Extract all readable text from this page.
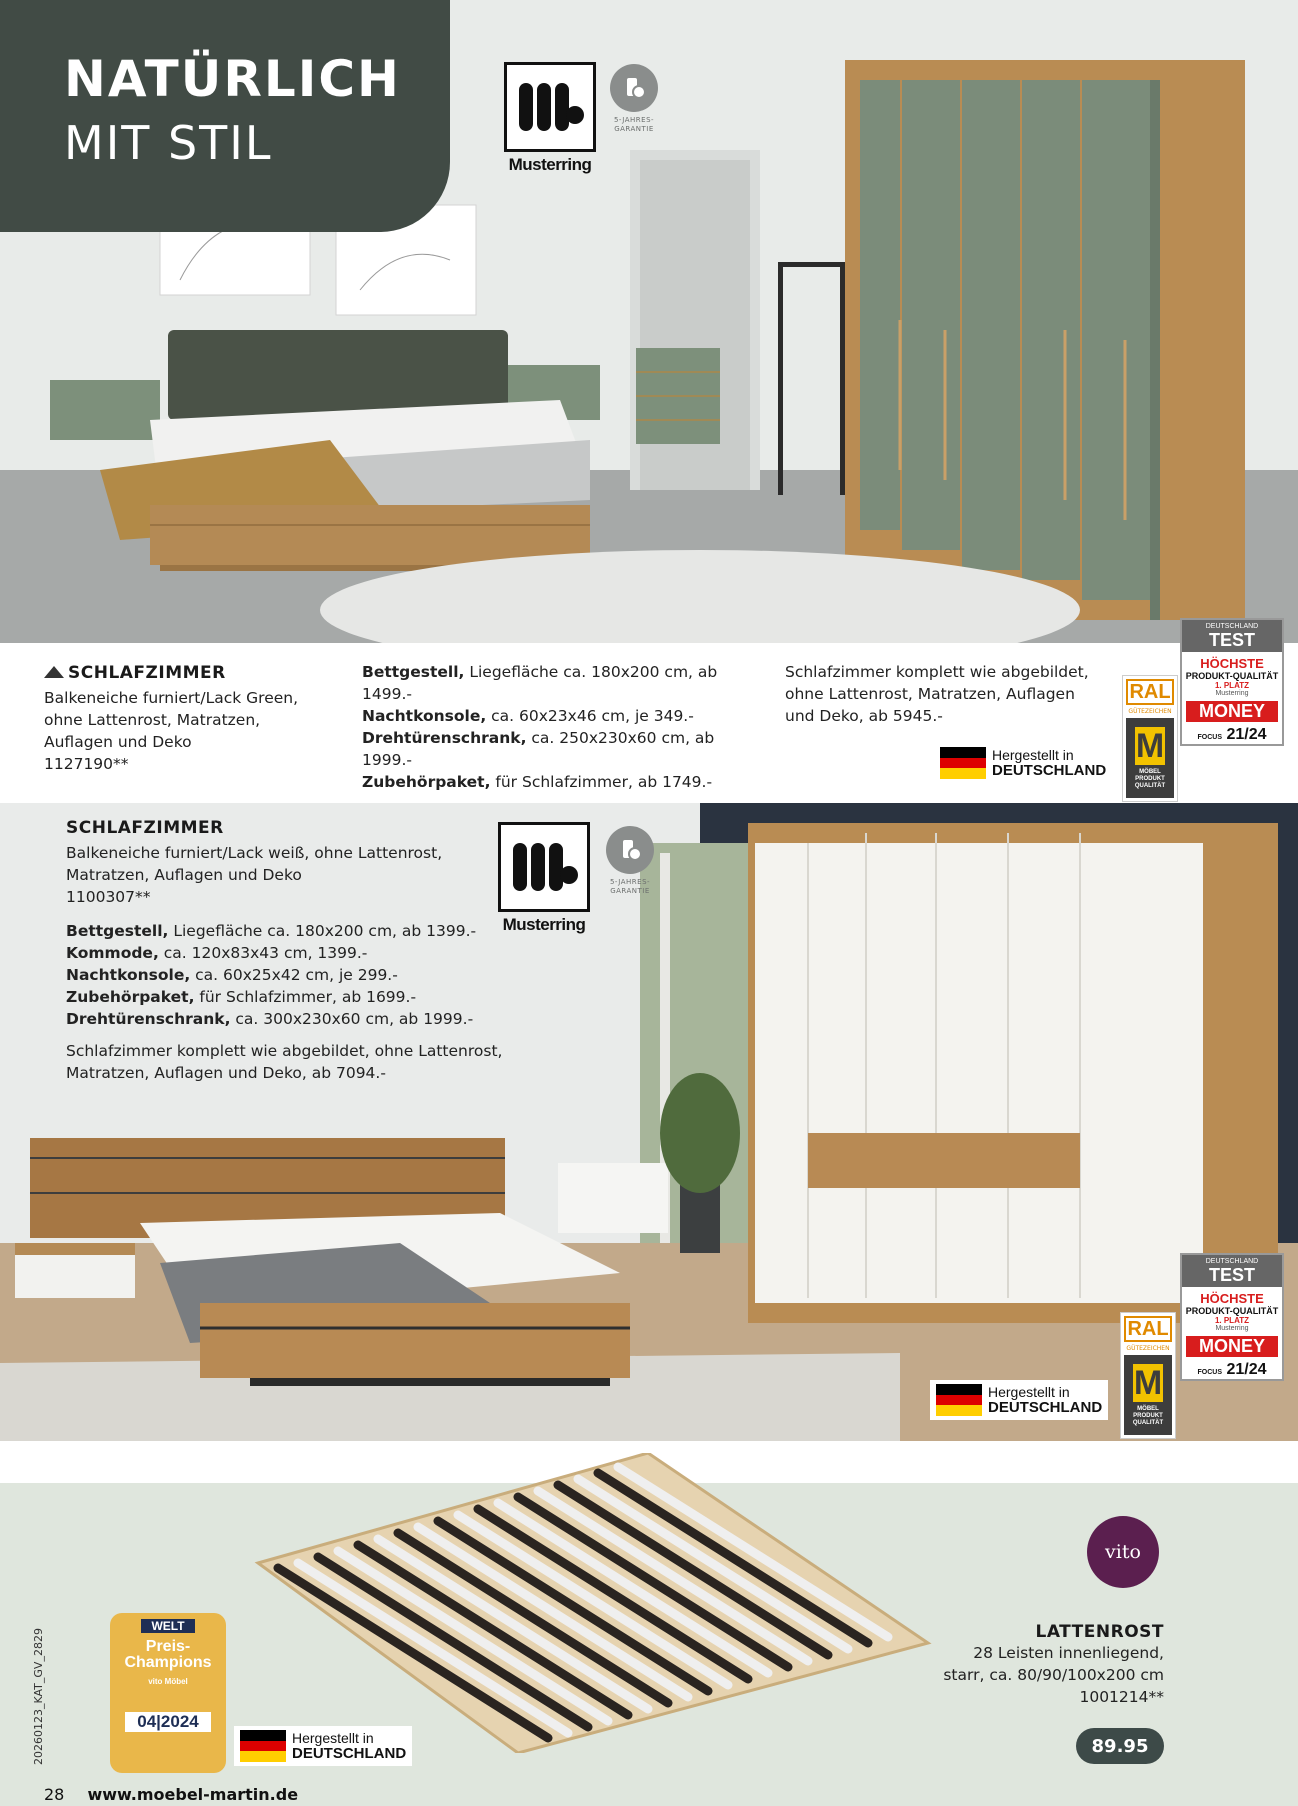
NATÜRLICH
MIT STIL	Musterring
5-JAHRES-GARANTIE
SCHLAFZIMMER
Balkeneiche furniert/Lack Green,
ohne Lattenrost, Matratzen,
Auflagen und Deko
1127190**
Bettgestell, Liegefläche ca. 180x200 cm, ab 1499.-
Nachtkonsole, ca. 60x23x46 cm, je 349.-
Drehtürenschrank, ca. 250x230x60 cm, ab 1999.-
Zubehörpaket, für Schlafzimmer, ab 1749.-
Schlafzimmer komplett wie abgebildet,
ohne Lattenrost, Matratzen, Auflagen
und Deko, ab 5945.-
Hergestellt in
DEUTSCHLAND
RAL
GÜTEZEICHEN
M
MÖBEL PRODUKT QUALITÄT
DEUTSCHLAND
TEST
HÖCHSTE
PRODUKT-QUALITÄT
1. PLATZ
Musterring
MONEY
FOCUS 21/24
SCHLAFZIMMER
Balkeneiche furniert/Lack weiß, ohne Lattenrost,
Matratzen, Auflagen und Deko
1100307**
Bettgestell, Liegefläche ca. 180x200 cm, ab 1399.-
Kommode, ca. 120x83x43 cm, 1399.-
Nachtkonsole, ca. 60x25x42 cm, je 299.-
Zubehörpaket, für Schlafzimmer, ab 1699.-
Drehtürenschrank, ca. 300x230x60 cm, ab 1999.-
Schlafzimmer komplett wie abgebildet, ohne Lattenrost,
Matratzen, Auflagen und Deko, ab 7094.-
Musterring
5-JAHRES-GARANTIE
Hergestellt in
DEUTSCHLAND
RAL
GÜTEZEICHEN
M
MÖBEL PRODUKT QUALITÄT
DEUTSCHLAND
TEST
HÖCHSTE
PRODUKT-QUALITÄT
1. PLATZ
Musterring
MONEY
FOCUS 21/24
vito
LATTENROST
28 Leisten innenliegend,
starr, ca. 80/90/100x200 cm
1001214**
89.95
WELT
Preis-Champions
vito Möbel
04|2024
Hergestellt in
DEUTSCHLAND
20260123_KAT_GV_2829
28 www.moebel-martin.de
